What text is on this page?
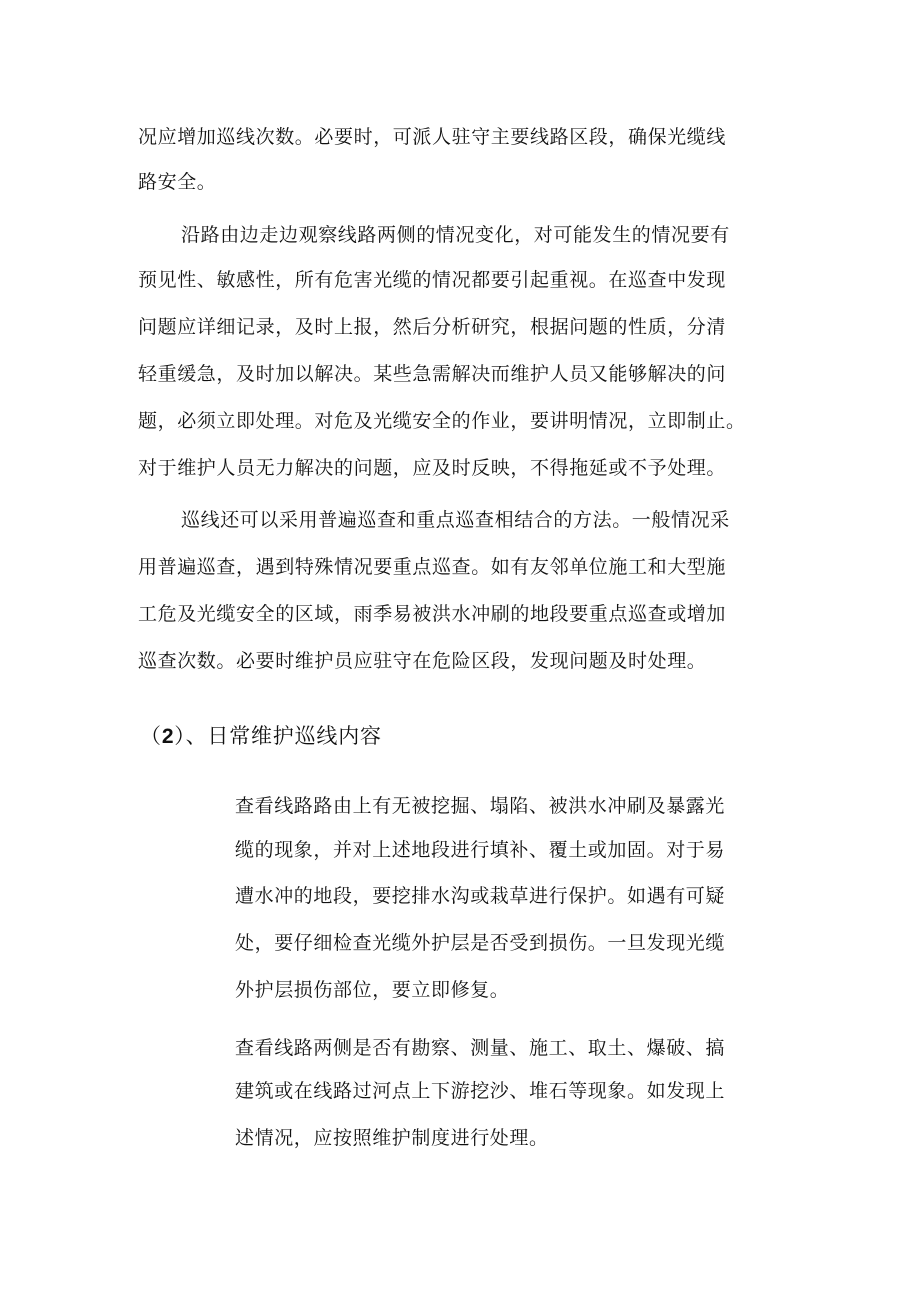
况应增加巡线次数。必要时，可派人驻守主要线路区段，确保光缆线
路安全。
沿路由边走边观察线路两侧的情况变化，对可能发生的情况要有
预见性、敏感性，所有危害光缆的情况都要引起重视。在巡查中发现
问题应详细记录，及时上报，然后分析研究，根据问题的性质，分清
轻重缓急，及时加以解决。某些急需解决而维护人员又能够解决的问
题，必须立即处理。对危及光缆安全的作业，要讲明情况，立即制止。
对于维护人员无力解决的问题，应及时反映，不得拖延或不予处理。
巡线还可以采用普遍巡查和重点巡查相结合的方法。一般情况采
用普遍巡查，遇到特殊情况要重点巡查。如有友邻单位施工和大型施
工危及光缆安全的区域，雨季易被洪水冲刷的地段要重点巡查或增加
巡查次数。必要时维护员应驻守在危险区段，发现问题及时处理。
（2）、日常维护巡线内容
查看线路路由上有无被挖掘、塌陷、被洪水冲刷及暴露光
缆的现象，并对上述地段进行填补、覆土或加固。对于易
遭水冲的地段，要挖排水沟或栽草进行保护。如遇有可疑
处，要仔细检查光缆外护层是否受到损伤。一旦发现光缆
外护层损伤部位，要立即修复。
查看线路两侧是否有勘察、测量、施工、取土、爆破、搞
建筑或在线路过河点上下游挖沙、堆石等现象。如发现上
述情况，应按照维护制度进行处理。
